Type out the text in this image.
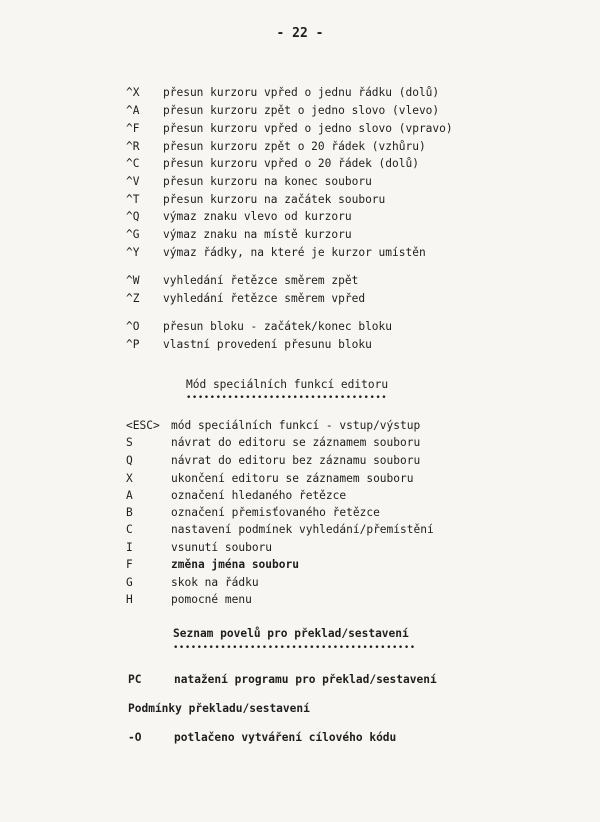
- 22 -
^X přesun kurzoru vpřed o jednu řádku (dolů)
^A přesun kurzoru zpět o jedno slovo (vlevo)
^F přesun kurzoru vpřed o jedno slovo (vpravo)
^R přesun kurzoru zpět o 20 řádek (vzhůru)
^C přesun kurzoru vpřed o 20 řádek (dolů)
^V přesun kurzoru na konec souboru
^T přesun kurzoru na začátek souboru
^Q výmaz znaku vlevo od kurzoru
^G výmaz znaku na místě kurzoru
^Y výmaz řádky, na které je kurzor umístěn
^W vyhledání řetězce směrem zpět
^Z vyhledání řetězce směrem vpřed
^O přesun bloku - začátek/konec bloku
^P vlastní provedení přesunu bloku
Mód speciálních funkcí editoru
••••••••••••••••••••••••••••••••••
<ESC> mód speciálních funkcí - vstup/výstup
S	návrat do editoru se záznamem souboru
Q	návrat do editoru bez záznamu souboru
X	ukončení editoru se záznamem souboru
A	označení hledaného řetězce
B	označení přemisťovaného řetězce
C	nastavení podmínek vyhledání/přemístění
I	vsunutí souboru
F	změna jména souboru
G	skok na řádku
H	pomocné menu
Seznam povelů pro překlad/sestavení
•••••••••••••••••••••••••••••••••••••••••
PC	natažení programu pro překlad/sestavení
Podmínky překladu/sestavení
-O	potlačeno vytváření cílového kódu
